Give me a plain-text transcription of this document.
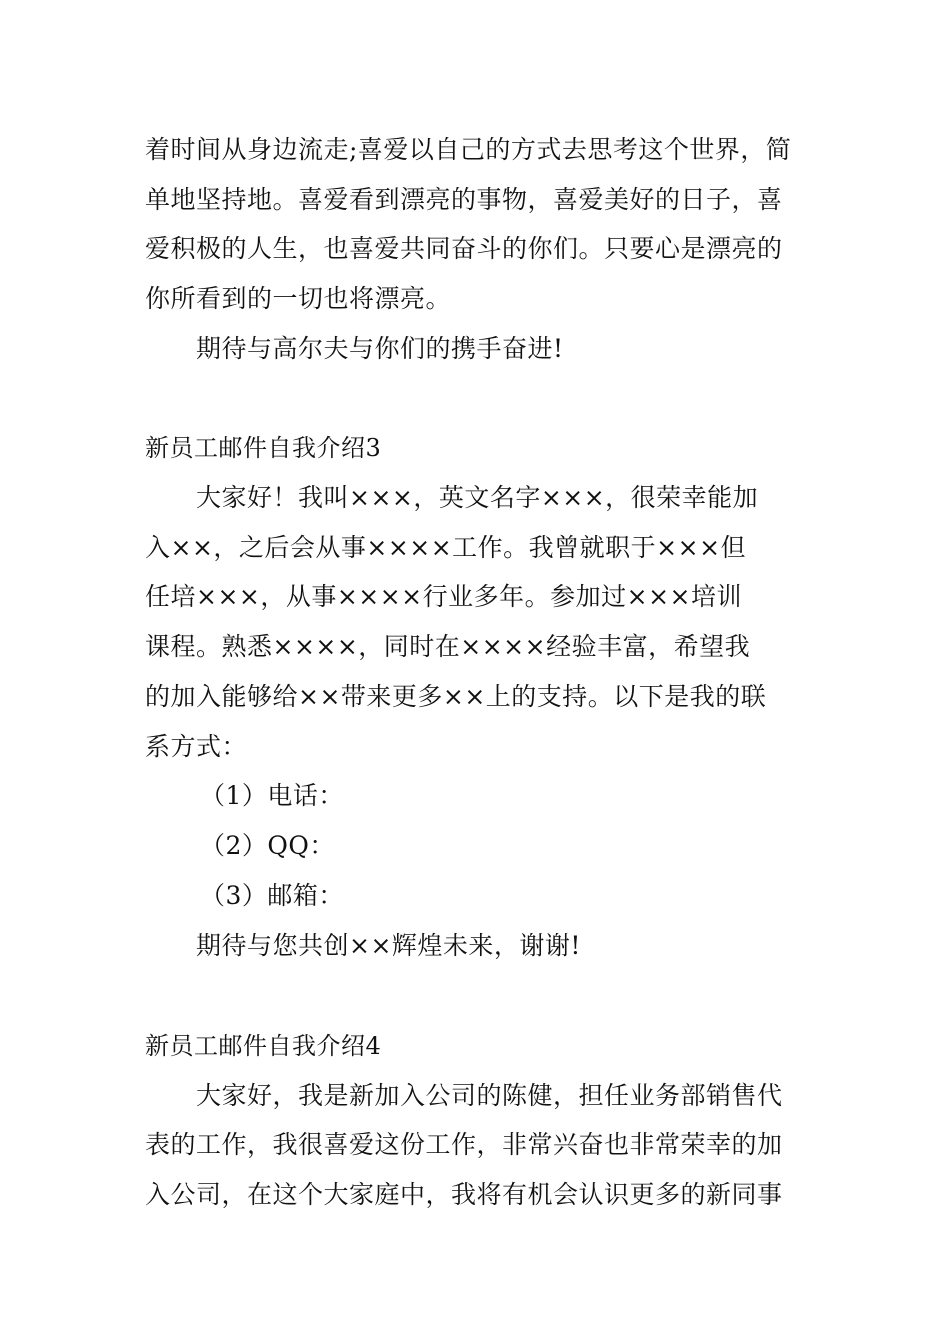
着时间从身边流走;喜爱以自己的方式去思考这个世界，简
单地坚持地。喜爱看到漂亮的事物，喜爱美好的日子，喜
爱积极的人生，也喜爱共同奋斗的你们。只要心是漂亮的
你所看到的一切也将漂亮。
期待与高尔夫与你们的携手奋进!
新员工邮件自我介绍3
大家好！我叫×××，英文名字×××，很荣幸能加
入××，之后会从事××××工作。我曾就职于×××但
任培×××，从事××××行业多年。参加过×××培训
课程。熟悉××××，同时在××××经验丰富，希望我
的加入能够给××带来更多××上的支持。以下是我的联
系方式：
（1）电话：
（2）QQ：
（3）邮箱：
期待与您共创××辉煌未来，谢谢!
新员工邮件自我介绍4
大家好，我是新加入公司的陈健，担任业务部销售代
表的工作，我很喜爱这份工作，非常兴奋也非常荣幸的加
入公司，在这个大家庭中，我将有机会认识更多的新同事
